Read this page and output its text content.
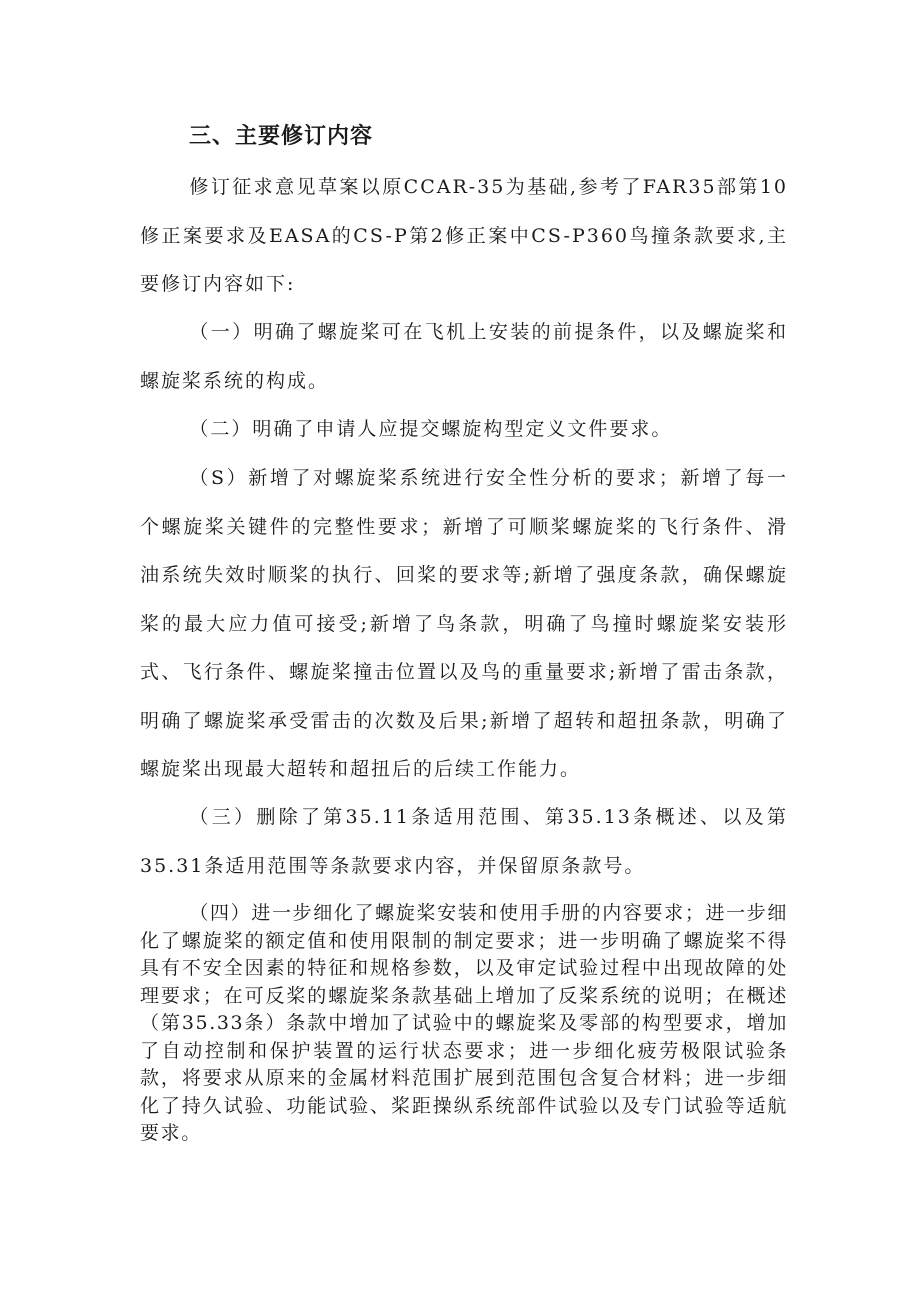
三、主要修订内容

修订征求意见草案以原CCAR-35为基础,参考了FAR35部第10修正案要求及EASA的CS-P第2修正案中CS-P360鸟撞条款要求,主要修订内容如下:

（一）明确了螺旋桨可在飞机上安装的前提条件，以及螺旋桨和螺旋桨系统的构成。

（二）明确了申请人应提交螺旋构型定义文件要求。

（S）新增了对螺旋桨系统进行安全性分析的要求；新增了每一个螺旋桨关键件的完整性要求；新增了可顺桨螺旋桨的飞行条件、滑油系统失效时顺桨的执行、回桨的要求等;新增了强度条款，确保螺旋桨的最大应力值可接受;新增了鸟条款，明确了鸟撞时螺旋桨安装形式、飞行条件、螺旋桨撞击位置以及鸟的重量要求;新增了雷击条款，明确了螺旋桨承受雷击的次数及后果;新增了超转和超扭条款，明确了螺旋桨出现最大超转和超扭后的后续工作能力。

（三）删除了第35.11条适用范围、第35.13条概述、以及第35.31条适用范围等条款要求内容，并保留原条款号。

（四）进一步细化了螺旋桨安装和使用手册的内容要求；进一步细化了螺旋桨的额定值和使用限制的制定要求；进一步明确了螺旋桨不得具有不安全因素的特征和规格参数，以及审定试验过程中出现故障的处理要求；在可反桨的螺旋桨条款基础上增加了反桨系统的说明；在概述（第35.33条）条款中增加了试验中的螺旋桨及零部的构型要求，增加了自动控制和保护装置的运行状态要求；进一步细化疲劳极限试验条款，将要求从原来的金属材料范围扩展到范围包含复合材料；进一步细化了持久试验、功能试验、桨距操纵系统部件试验以及专门试验等适航要求。
